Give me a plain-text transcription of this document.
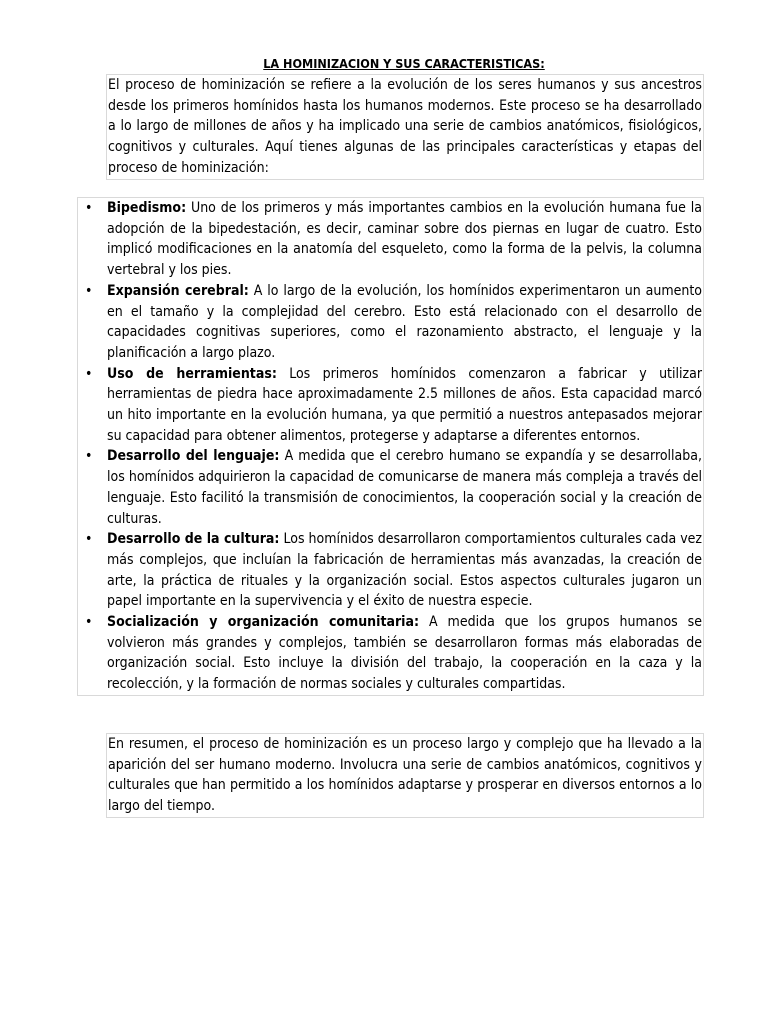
LA HOMINIZACION Y SUS CARACTERISTICAS:
El proceso de hominización se refiere a la evolución de los seres humanos y sus ancestros desde los primeros homínidos hasta los humanos modernos. Este proceso se ha desarrollado a lo largo de millones de años y ha implicado una serie de cambios anatómicos, fisiológicos, cognitivos y culturales. Aquí tienes algunas de las principales características y etapas del proceso de hominización:
• Bipedismo: Uno de los primeros y más importantes cambios en la evolución humana fue la adopción de la bipedestación, es decir, caminar sobre dos piernas en lugar de cuatro. Esto implicó modificaciones en la anatomía del esqueleto, como la forma de la pelvis, la columna vertebral y los pies.
• Expansión cerebral: A lo largo de la evolución, los homínidos experimentaron un aumento en el tamaño y la complejidad del cerebro. Esto está relacionado con el desarrollo de capacidades cognitivas superiores, como el razonamiento abstracto, el lenguaje y la planificación a largo plazo.
• Uso de herramientas: Los primeros homínidos comenzaron a fabricar y utilizar herramientas de piedra hace aproximadamente 2.5 millones de años. Esta capacidad marcó un hito importante en la evolución humana, ya que permitió a nuestros antepasados mejorar su capacidad para obtener alimentos, protegerse y adaptarse a diferentes entornos.
• Desarrollo del lenguaje: A medida que el cerebro humano se expandía y se desarrollaba, los homínidos adquirieron la capacidad de comunicarse de manera más compleja a través del lenguaje. Esto facilitó la transmisión de conocimientos, la cooperación social y la creación de culturas.
• Desarrollo de la cultura: Los homínidos desarrollaron comportamientos culturales cada vez más complejos, que incluían la fabricación de herramientas más avanzadas, la creación de arte, la práctica de rituales y la organización social. Estos aspectos culturales jugaron un papel importante en la supervivencia y el éxito de nuestra especie.
• Socialización y organización comunitaria: A medida que los grupos humanos se volvieron más grandes y complejos, también se desarrollaron formas más elaboradas de organización social. Esto incluye la división del trabajo, la cooperación en la caza y la recolección, y la formación de normas sociales y culturales compartidas.
En resumen, el proceso de hominización es un proceso largo y complejo que ha llevado a la aparición del ser humano moderno. Involucra una serie de cambios anatómicos, cognitivos y culturales que han permitido a los homínidos adaptarse y prosperar en diversos entornos a lo largo del tiempo.
